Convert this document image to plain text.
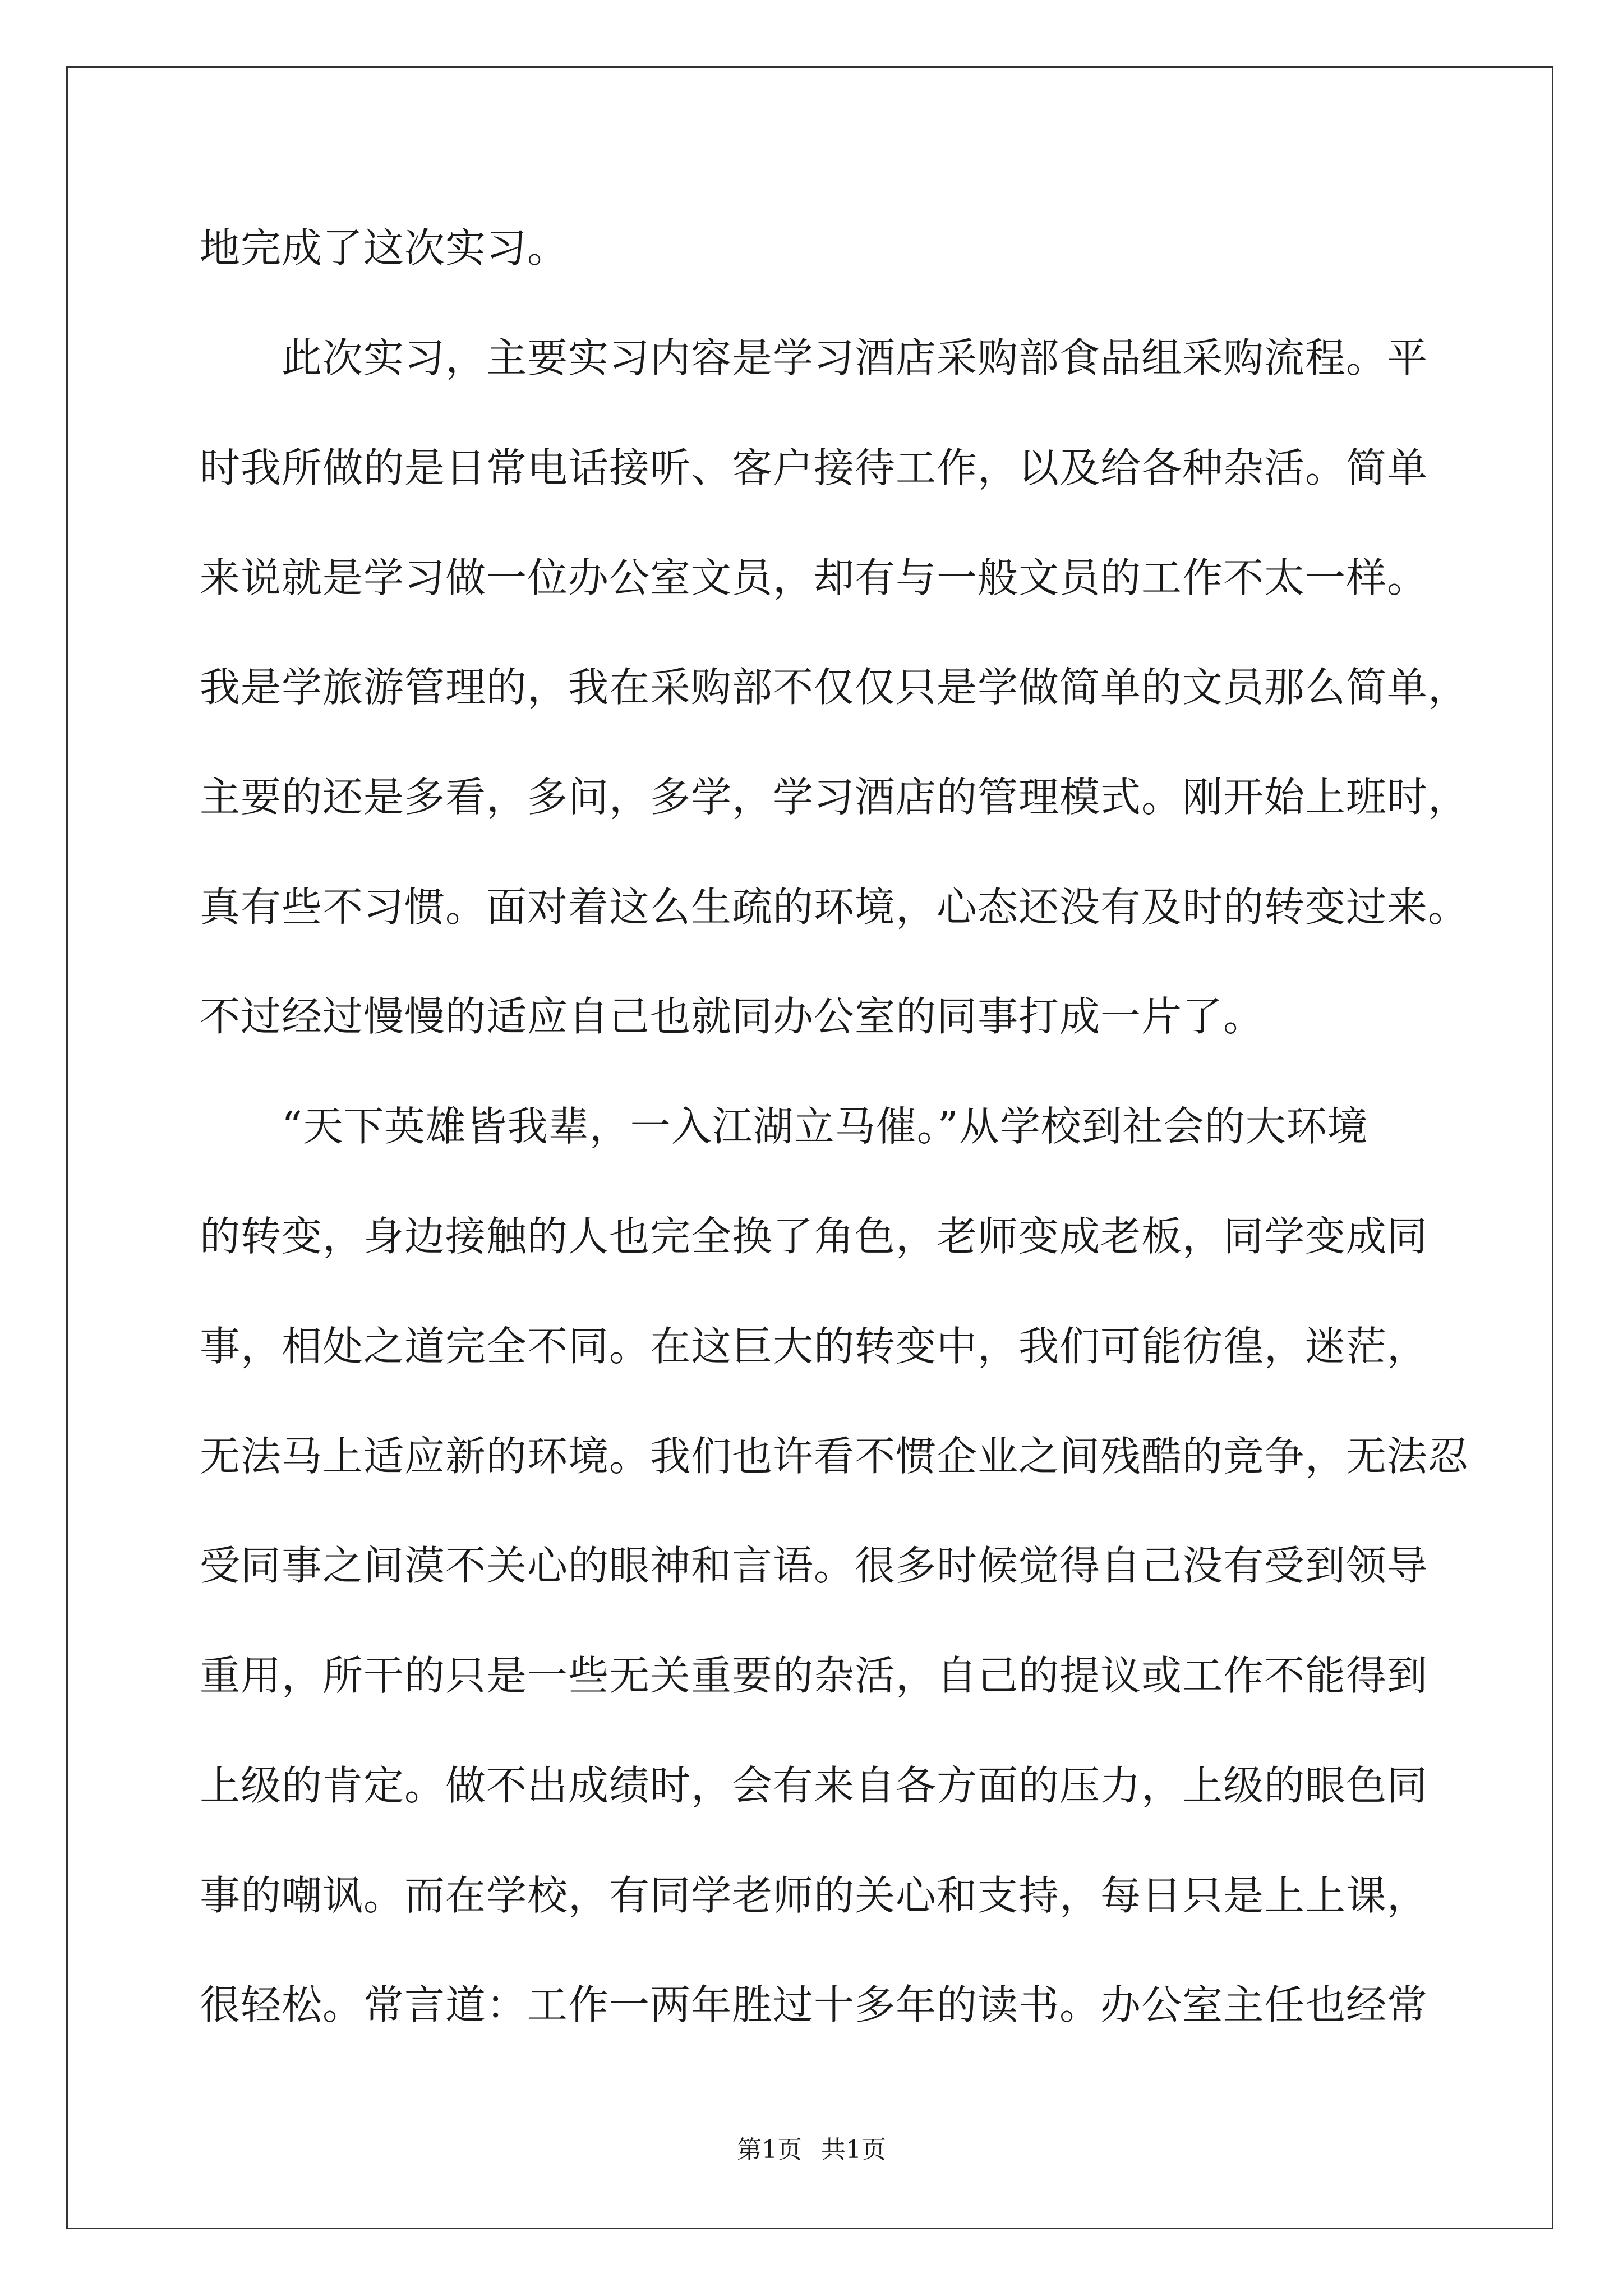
地完成了这次实习。
　　此次实习，主要实习内容是学习酒店采购部食品组采购流程。平
时我所做的是日常电话接听、客户接待工作，以及给各种杂活。简单
来说就是学习做一位办公室文员，却有与一般文员的工作不太一样。
我是学旅游管理的，我在采购部不仅仅只是学做简单的文员那么简单，
主要的还是多看，多问，多学，学习酒店的管理模式。刚开始上班时，
真有些不习惯。面对着这么生疏的环境，心态还没有及时的转变过来。
不过经过慢慢的适应自己也就同办公室的同事打成一片了。
　　“天下英雄皆我辈，一入江湖立马催。”从学校到社会的大环境
的转变，身边接触的人也完全换了角色，老师变成老板，同学变成同
事，相处之道完全不同。在这巨大的转变中，我们可能彷徨，迷茫，
无法马上适应新的环境。我们也许看不惯企业之间残酷的竞争，无法忍
受同事之间漠不关心的眼神和言语。很多时候觉得自己没有受到领导
重用，所干的只是一些无关重要的杂活，自己的提议或工作不能得到
上级的肯定。做不出成绩时，会有来自各方面的压力，上级的眼色同
事的嘲讽。而在学校，有同学老师的关心和支持，每日只是上上课，
很轻松。常言道：工作一两年胜过十多年的读书。办公室主任也经常
第1页 共1页
